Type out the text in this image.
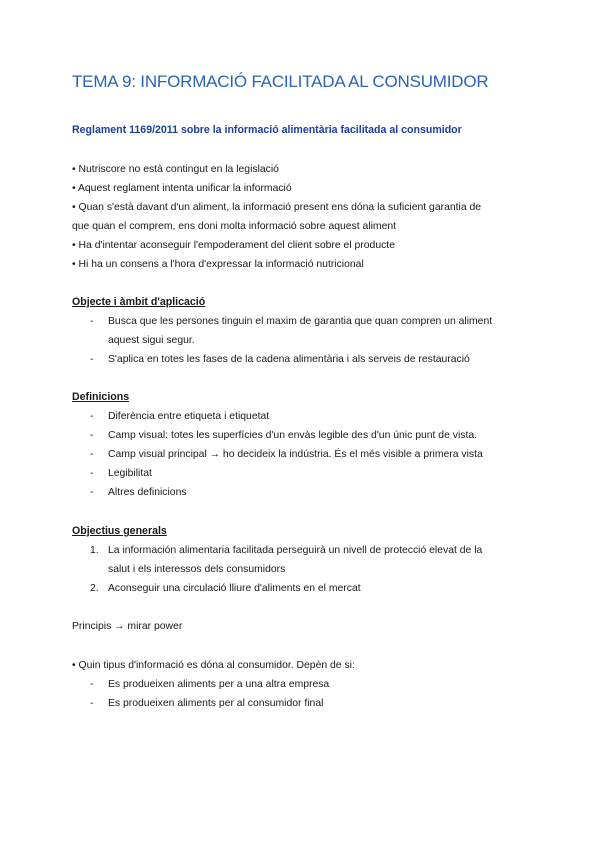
TEMA 9: INFORMACIÓ FACILITADA AL CONSUMIDOR
Reglament 1169/2011 sobre la informació alimentària facilitada al consumidor
• Nutriscore no està contingut en la legislació
• Aquest reglament intenta unificar la informació
• Quan s'està davant d'un aliment, la informació present ens dóna la suficient garantia de
que quan el comprem, ens doni molta informació sobre aquest aliment
• Ha d'intentar aconseguir l'empoderament del client sobre el producte
• Hi ha un consens a l'hora d'expressar la informació nutricional
Objecte i àmbit d'aplicació
- Busca que les persones tinguin el maxim de garantia que quan compren un aliment
aquest sigui segur.
- S'aplica en totes les fases de la cadena alimentària i als serveis de restauració
Definicions
- Diferència entre etiqueta i etiquetat
- Camp visual: totes les superfícies d'un envàs legible des d'un únic punt de vista.
- Camp visual principal → ho decideix la indústria. És el més visible a primera vista
- Legibilitat
- Altres definicions
Objectius generals
1. La información alimentaria facilitada perseguirà un nivell de protecció elevat de la
salut i els interessos dels consumidors
2. Aconseguir una circulació lliure d'aliments en el mercat
Principis → mirar power
• Quin tipus d'informació es dóna al consumidor. Depèn de si:
- Es produeixen aliments per a una altra empresa
- Es produeixen aliments per al consumidor final
